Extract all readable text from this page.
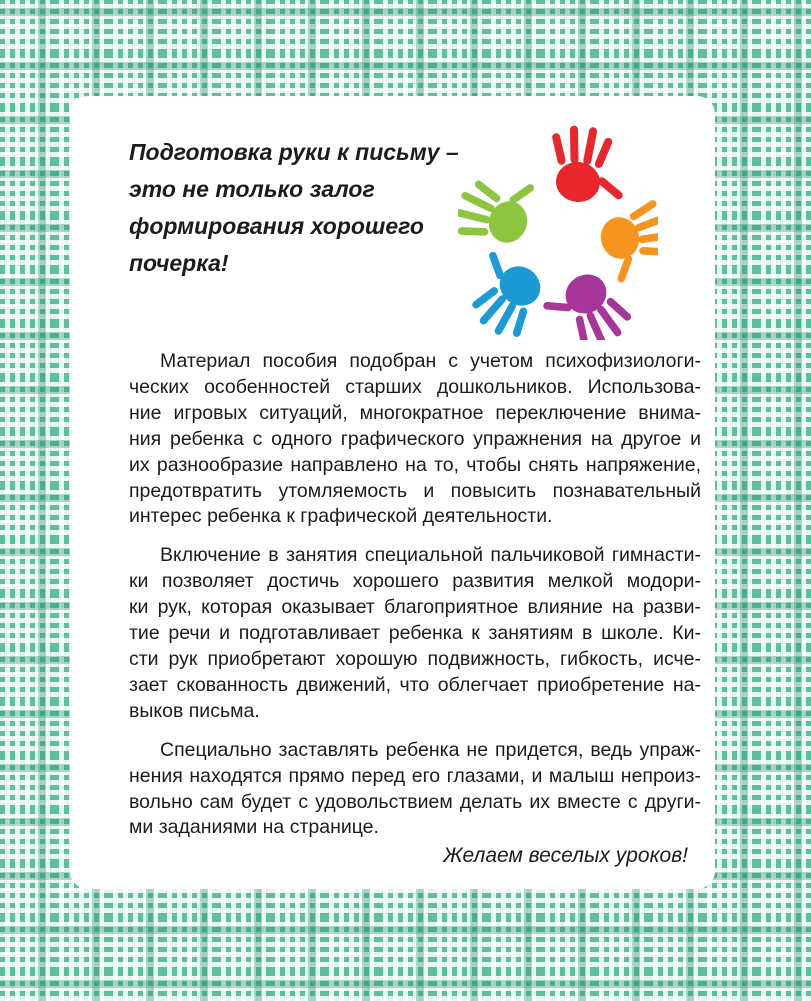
Подготовка руки к письму –
это не только залог
формирования хорошего
почерка!

Материал пособия подобран с учетом психофизиологи-
ческих особенностей старших дошкольников. Использова-
ние игровых ситуаций, многократное переключение внима-
ния ребенка с одного графического упражнения на другое и
их разнообразие направлено на то, чтобы снять напряжение,
предотвратить утомляемость и повысить познавательный
интерес ребенка к графической деятельности.

Включение в занятия специальной пальчиковой гимнасти-
ки позволяет достичь хорошего развития мелкой модори-
ки рук, которая оказывает благоприятное влияние на разви-
тие речи и подготавливает ребенка к занятиям в школе. Ки-
сти рук приобретают хорошую подвижность, гибкость, исче-
зает скованность движений, что облегчает приобретение на-
выков письма.

Специально заставлять ребенка не придется, ведь упраж-
нения находятся прямо перед его глазами, и малыш непроиз-
вольно сам будет с удовольствием делать их вместе с други-
ми заданиями на странице.

Желаем веселых уроков!
